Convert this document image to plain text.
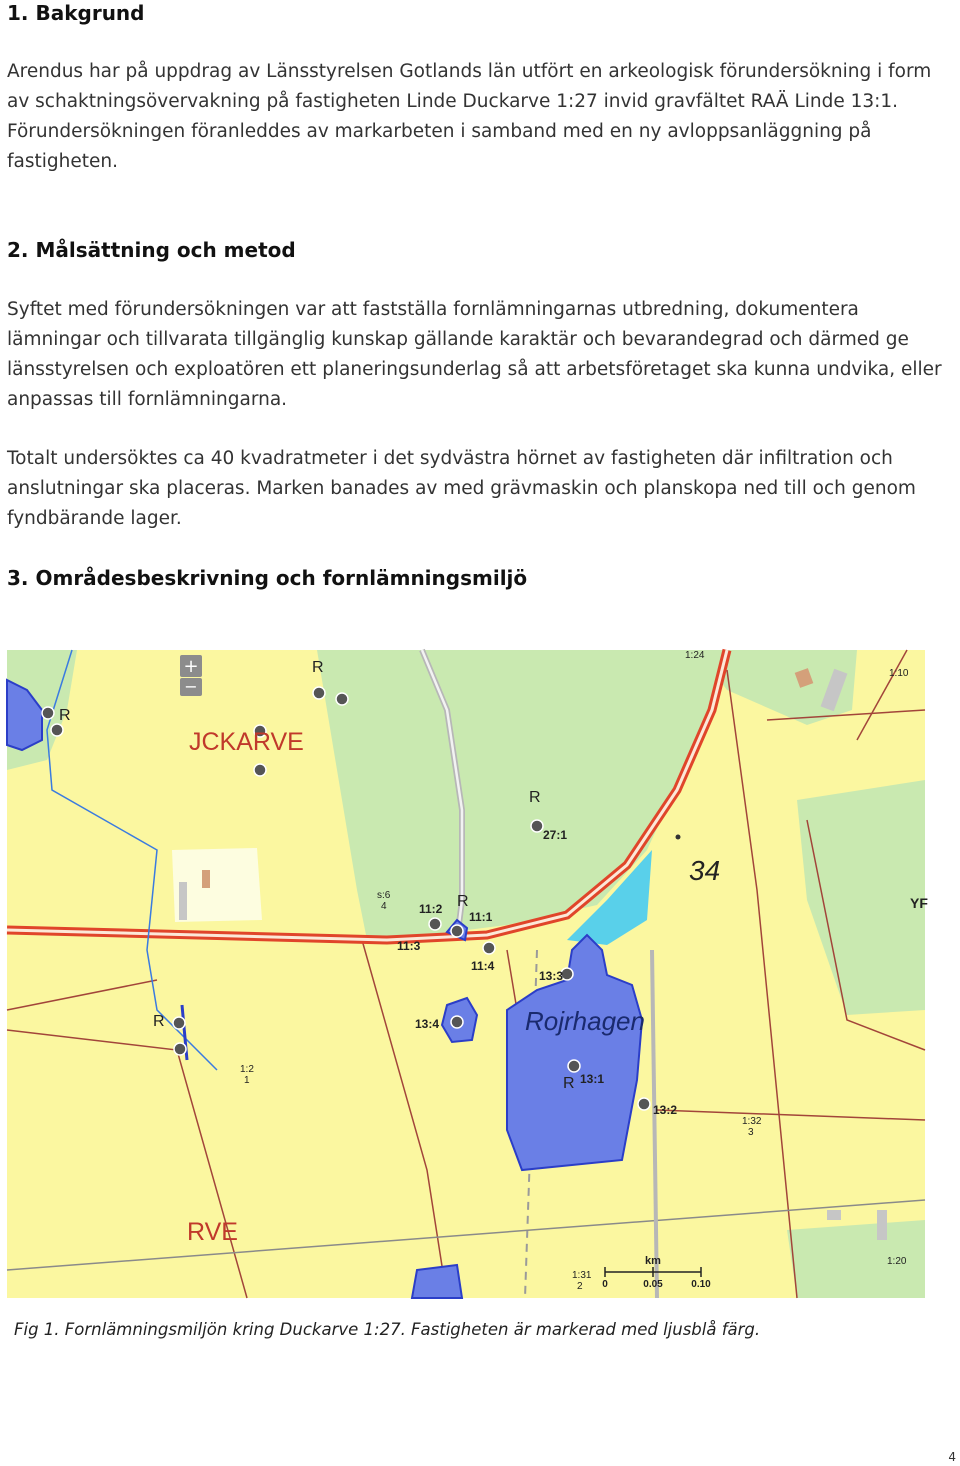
1. Bakgrund

Arendus har på uppdrag av Länsstyrelsen Gotlands län utfört en arkeologisk förundersökning i form av schaktningsövervakning på fastigheten Linde Duckarve 1:27 invid gravfältet RAÄ Linde 13:1. Förundersökningen föranleddes av markarbeten i samband med en ny avloppsanläggning på fastigheten.

2. Målsättning och metod

Syftet med förundersökningen var att fastställa fornlämningarnas utbredning, dokumentera lämningar och tillvarata tillgänglig kunskap gällande karaktär och bevarandegrad och därmed ge länsstyrelsen och exploatören ett planeringsunderlag så att arbetsföretaget ska kunna undvika, eller anpassas till fornlämningarna.

Totalt undersöktes ca 40 kvadratmeter i det sydvästra hörnet av fastigheten där infiltration och anslutningar ska placeras. Marken banades av med grävmaskin och planskopa ned till och genom fyndbärande lager.

3. Områdesbeskrivning och fornlämningsmiljö
+
−
R
R
R
R
R
R
JCKARVE
RVE
Rojrhagen
34
YF
27:1
11:2
11:1
11:3
11:4
13:3
13:4
13:1
13:2
1:24
1:10
s:6
4
1:2
1
1:32
3
1:20
1:31
2
km
0	0.05	0.10

Fig 1. Fornlämningsmiljön kring Duckarve 1:27. Fastigheten är markerad med ljusblå färg.

4
